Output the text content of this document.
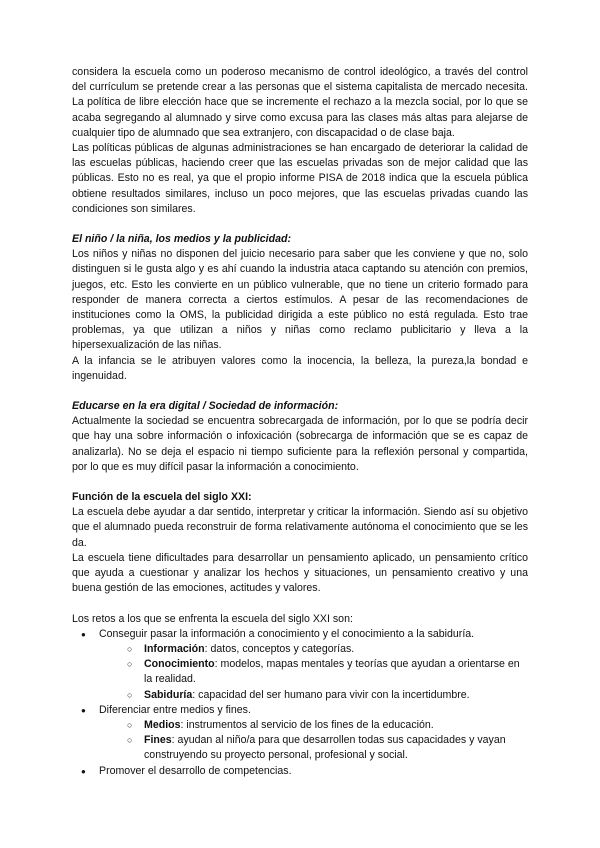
considera la escuela como un poderoso mecanismo de control ideológico, a través del control del currículum se pretende crear a las personas que el sistema capitalista de mercado necesita. La política de libre elección hace que se incremente el rechazo a la mezcla social, por lo que se acaba segregando al alumnado y sirve como excusa para las clases más altas para alejarse de cualquier tipo de alumnado que sea extranjero, con discapacidad o de clase baja.

Las políticas públicas de algunas administraciones se han encargado de deteriorar la calidad de las escuelas públicas, haciendo creer que las escuelas privadas son de mejor calidad que las públicas. Esto no es real, ya que el propio informe PISA de 2018 indica que la escuela pública obtiene resultados similares, incluso un poco mejores, que las escuelas privadas cuando las condiciones son similares.

El niño / la niña, los medios y la publicidad:

Los niños y niñas no disponen del juicio necesario para saber que les conviene y que no, solo distinguen si le gusta algo y es ahí cuando la industria ataca captando su atención con premios, juegos, etc. Esto les convierte en un público vulnerable, que no tiene un criterio formado para responder de manera correcta a ciertos estímulos. A pesar de las recomendaciones de instituciones como la OMS, la publicidad dirigida a este público no está regulada. Esto trae problemas, ya que utilizan a niños y niñas como reclamo publicitario y lleva a la hipersexualización de las niñas.

A la infancia se le atribuyen valores como la inocencia, la belleza, la pureza,la bondad e ingenuidad.

Educarse en la era digital / Sociedad de información:

Actualmente la sociedad se encuentra sobrecargada de información, por lo que se podría decir que hay una sobre información o infoxicación (sobrecarga de información que se es capaz de analizarla). No se deja el espacio ni tiempo suficiente para la reflexión personal y compartida, por lo que es muy difícil pasar la información a conocimiento.

Función de la escuela del siglo XXI:

La escuela debe ayudar a dar sentido, interpretar y criticar la información. Siendo así su objetivo que el alumnado pueda reconstruir de forma relativamente autónoma el conocimiento que se les da.

La escuela tiene dificultades para desarrollar un pensamiento aplicado, un pensamiento crítico que ayuda a cuestionar y analizar los hechos y situaciones, un pensamiento creativo y una buena gestión de las emociones, actitudes y valores.

Los retos a los que se enfrenta la escuela del siglo XXI son:

● Conseguir pasar la información a conocimiento y el conocimiento a la sabiduría.
○ Información: datos, conceptos y categorías.
○ Conocimiento: modelos, mapas mentales y teorías que ayudan a orientarse en la realidad.
○ Sabiduría: capacidad del ser humano para vivir con la incertidumbre.
● Diferenciar entre medios y fines.
○ Medios: instrumentos al servicio de los fines de la educación.
○ Fines: ayudan al niño/a para que desarrollen todas sus capacidades y vayan construyendo su proyecto personal, profesional y social.
● Promover el desarrollo de competencias.
